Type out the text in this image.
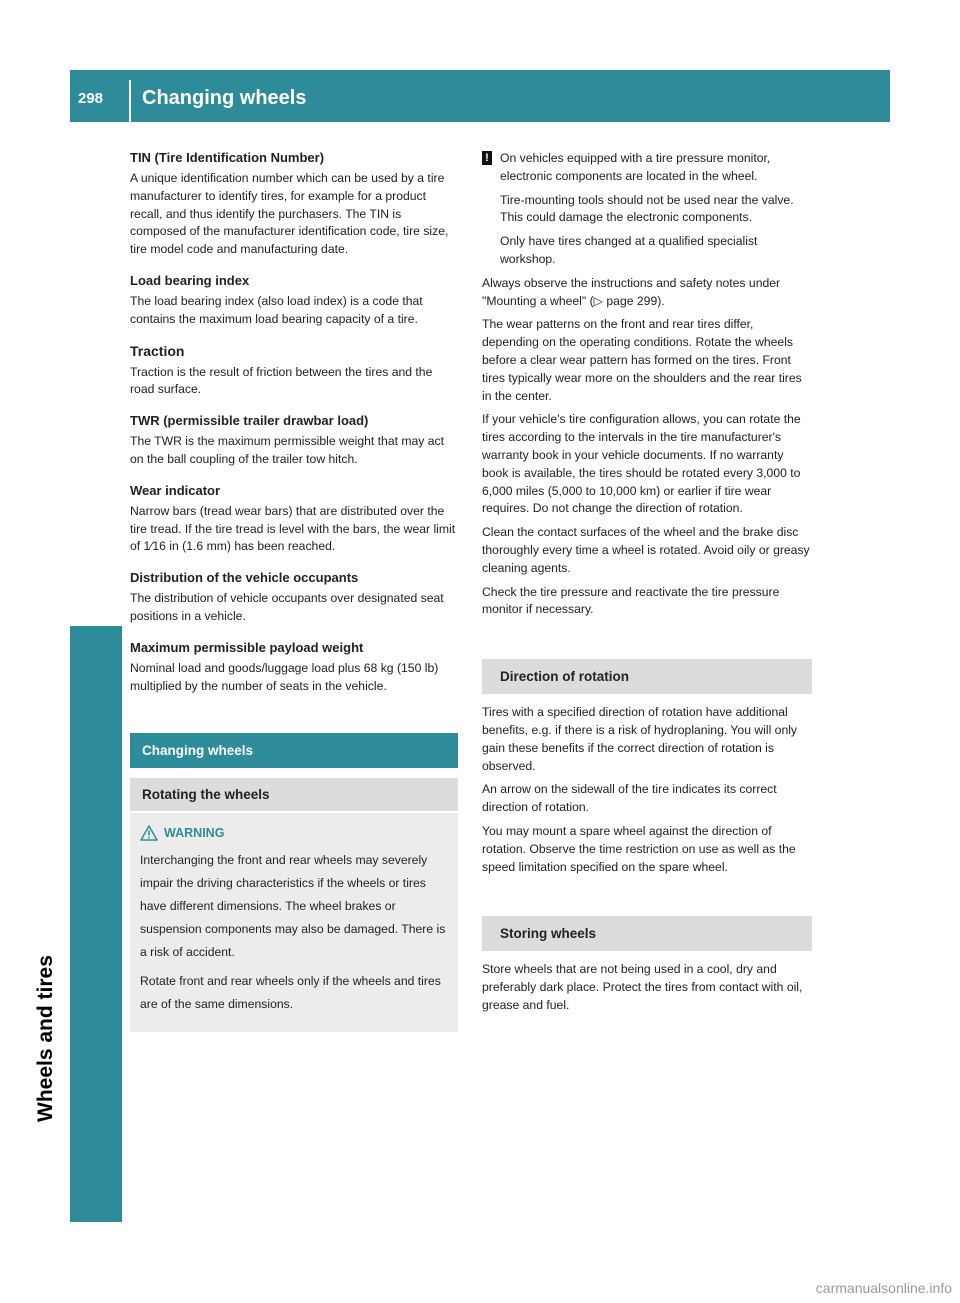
298 Changing wheels
Wheels and tires
TIN (Tire Identification Number)

A unique identification number which can be used by a tire manufacturer to identify tires, for example for a product recall, and thus identify the purchasers. The TIN is composed of the manufacturer identification code, tire size, tire model code and manufacturing date.

Load bearing index

The load bearing index (also load index) is a code that contains the maximum load bearing capacity of a tire.

Traction

Traction is the result of friction between the tires and the road surface.

TWR (permissible trailer drawbar load)

The TWR is the maximum permissible weight that may act on the ball coupling of the trailer tow hitch.

Wear indicator

Narrow bars (tread wear bars) that are distributed over the tire tread. If the tire tread is level with the bars, the wear limit of 1⁄16 in (1.6 mm) has been reached.

Distribution of the vehicle occupants

The distribution of vehicle occupants over designated seat positions in a vehicle.

Maximum permissible payload weight

Nominal load and goods/luggage load plus 68 kg (150 lb) multiplied by the number of seats in the vehicle.

Changing wheels
Rotating the wheels
WARNING

Interchanging the front and rear wheels may severely impair the driving characteristics if the wheels or tires have different dimensions. The wheel brakes or suspension components may also be damaged. There is a risk of accident.

Rotate front and rear wheels only if the wheels and tires are of the same dimensions.

! On vehicles equipped with a tire pressure monitor, electronic components are located in the wheel.

Tire-mounting tools should not be used near the valve. This could damage the electronic components.

Only have tires changed at a qualified specialist workshop.

Always observe the instructions and safety notes under "Mounting a wheel" (▷ page 299).

The wear patterns on the front and rear tires differ, depending on the operating conditions. Rotate the wheels before a clear wear pattern has formed on the tires. Front tires typically wear more on the shoulders and the rear tires in the center.

If your vehicle's tire configuration allows, you can rotate the tires according to the intervals in the tire manufacturer's warranty book in your vehicle documents. If no warranty book is available, the tires should be rotated every 3,000 to 6,000 miles (5,000 to 10,000 km) or earlier if tire wear requires. Do not change the direction of rotation.

Clean the contact surfaces of the wheel and the brake disc thoroughly every time a wheel is rotated. Avoid oily or greasy cleaning agents.

Check the tire pressure and reactivate the tire pressure monitor if necessary.

Direction of rotation

Tires with a specified direction of rotation have additional benefits, e.g. if there is a risk of hydroplaning. You will only gain these benefits if the correct direction of rotation is observed.

An arrow on the sidewall of the tire indicates its correct direction of rotation.

You may mount a spare wheel against the direction of rotation. Observe the time restriction on use as well as the speed limitation specified on the spare wheel.

Storing wheels

Store wheels that are not being used in a cool, dry and preferably dark place. Protect the tires from contact with oil, grease and fuel.

carmanualsonline.info
